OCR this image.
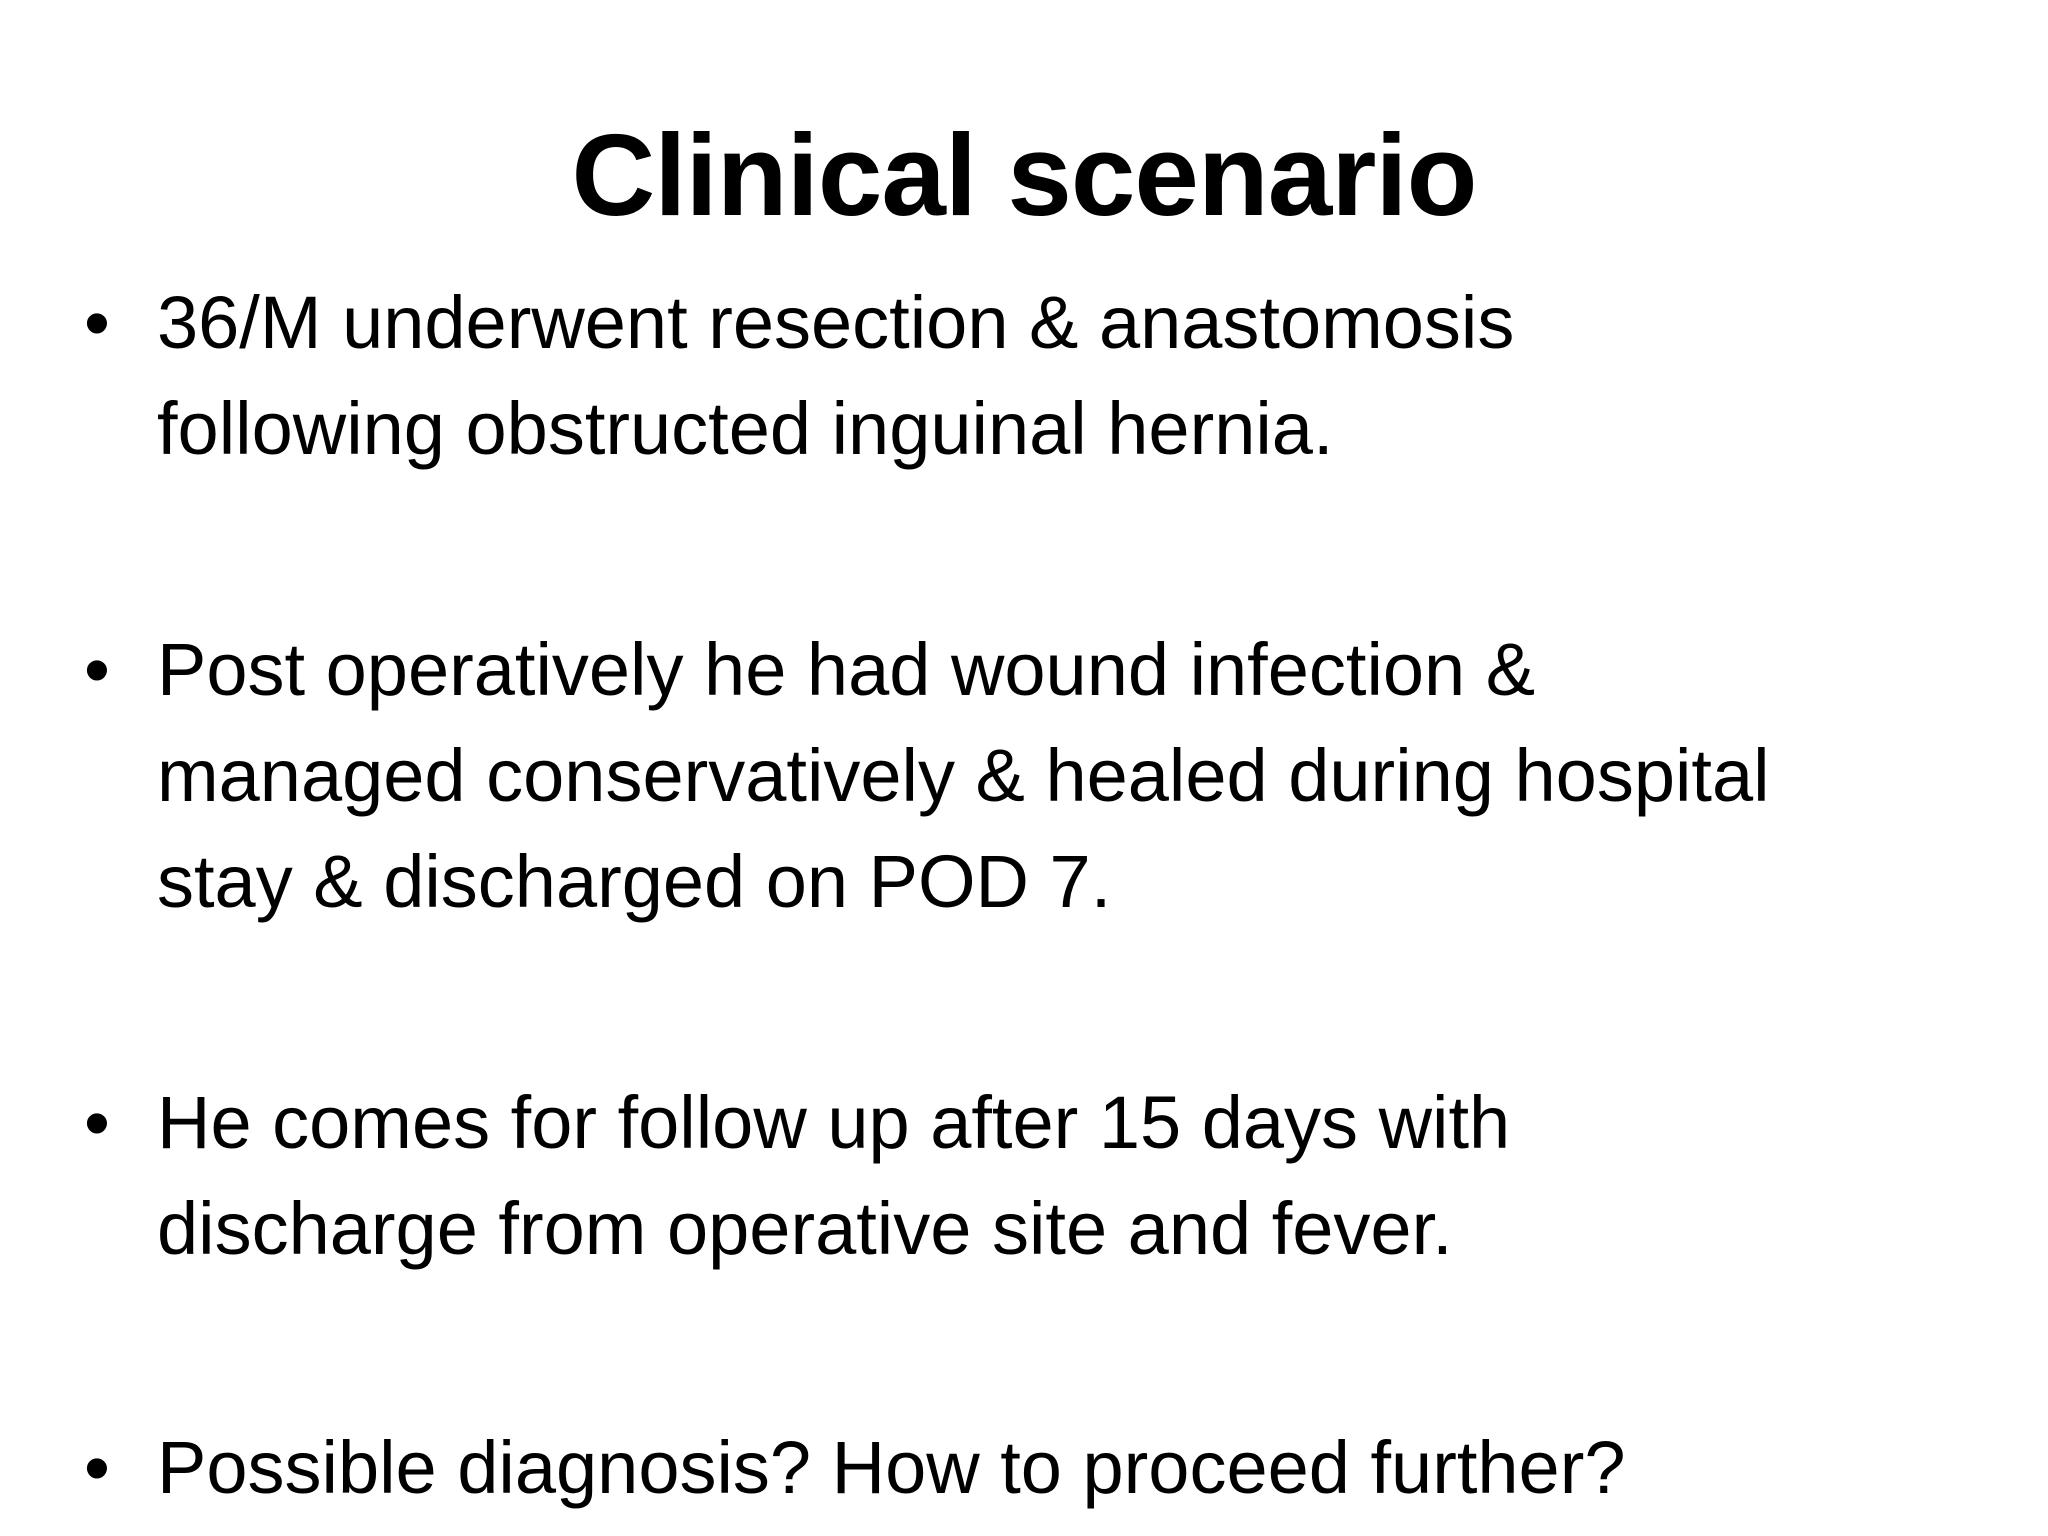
Clinical scenario
• 36/M underwent resection & anastomosis
following obstructed inguinal hernia.
• Post operatively he had wound infection &
managed conservatively & healed during hospital
stay & discharged on POD 7.
• He comes for follow up after 15 days with
discharge from operative site and fever.
• Possible diagnosis? How to proceed further?
